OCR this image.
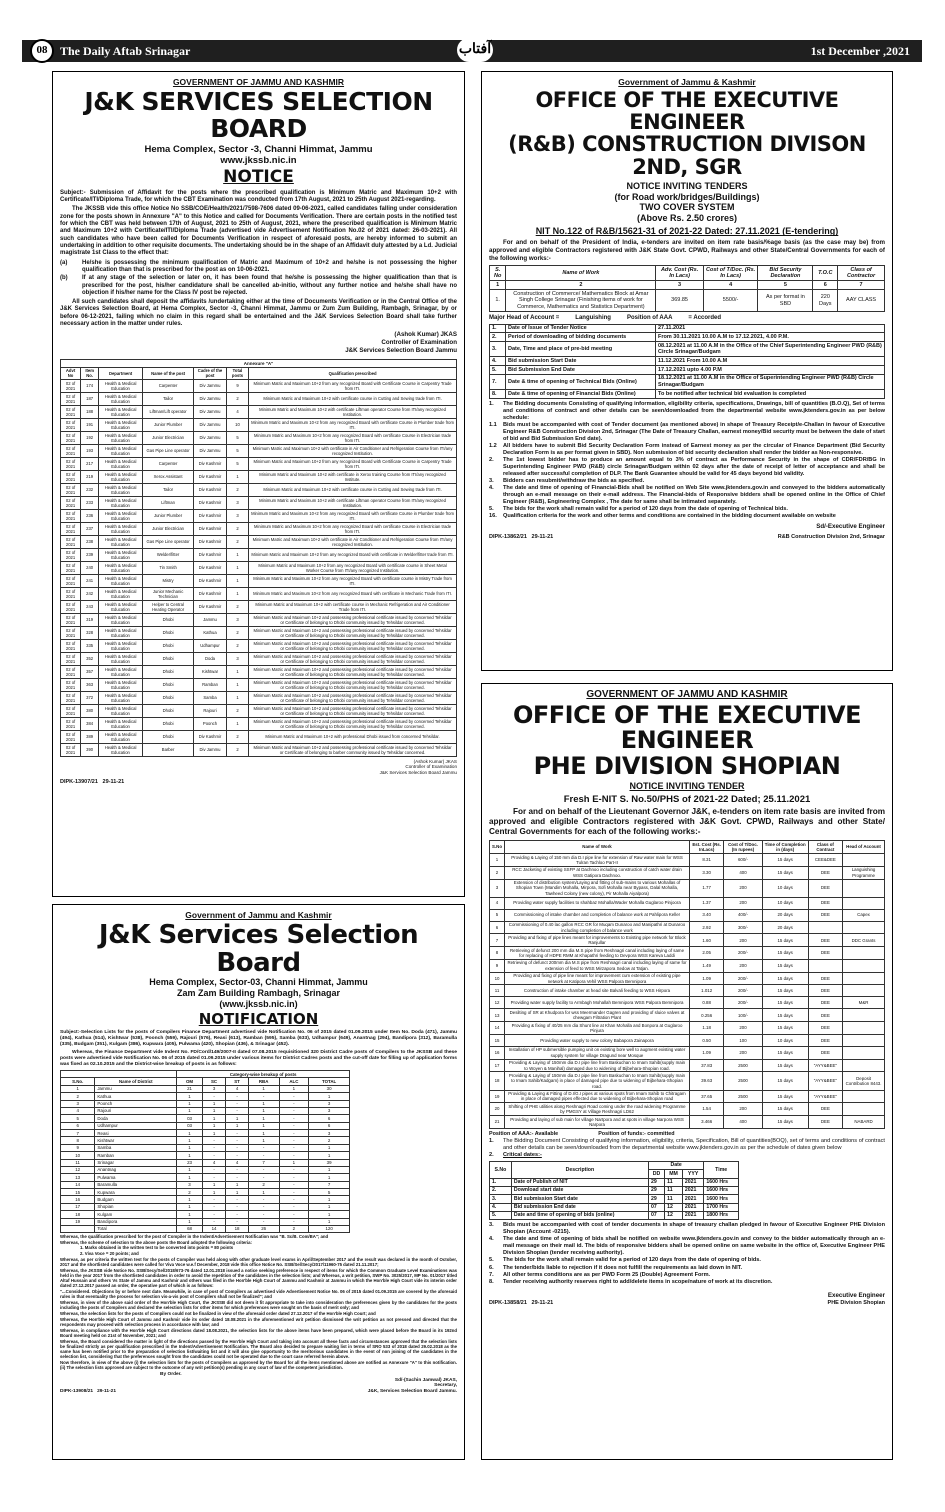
08	The Daily Aftab Srinagar	آفتاب	1st December ,2021
GOVERNMENT OF JAMMU AND KASHMIR
J&K SERVICES SELECTION BOARD
Hema Complex, Sector -3, Channi Himmat, Jammu
www.jkssb.nic.in
NOTICE

Subject:- Submission of Affidavit for the posts where the prescribed qualification is Minimum Matric and Maximum 10+2 with Certificate/ITI/Diploma Trade, for which the CBT Examination was conducted from 17th August, 2021 to 25th August 2021-regarding.

The JKSSB vide this office Notice No SSB/COE/Health/2021/7598-7606 dated 09-06-2021, called candidates falling under consideration zone for the posts shown in Annexure "A" to this Notice and called for Documents Verification. There are certain posts in the notified test for which the CBT was held between 17th of August, 2021 to 25th of August, 2021, where the prescribed qualification is Minimum Matric and Maximum 10+2 with Certificate/ITI/Diploma Trade (advertised vide Advertisement Notification No.02 of 2021 dated: 26-03-2021). All such candidates who have been called for Documents Verification in respect of aforesaid posts, are hereby informed to submit an undertaking in addition to other requisite documents. The undertaking should be in the shape of an Affidavit duly attested by a Ld. Judicial magistrate 1st Class to the effect that:

(a)	He/she is possessing the minimum qualification of Matric and Maximum of 10+2 and he/she is not possessing the higher qualification than that is prescribed for the post as on 10-06-2021.

(b)	If at any stage of the selection or later on, it has been found that he/she is possessing the higher qualification than that is prescribed for the post, his/her candidature shall be cancelled ab-initio, without any further notice and he/she shall have no objection if his/her name for the Class IV post be rejected.

All such candidates shall deposit the affidavits /undertaking either at the time of Documents Verification or in the Central Office of the J&K Services Selection Board, at Hema Complex, Sector -3, Channi Himmat, Jammu or Zum Zum Building, Rambagh, Srinagar, by or before 06-12-2021, failing which no claim in this regard shall be entertained and the J&K Services Selection Board shall take further necessary action in the matter under rules.

(Ashok Kumar) JKAS
Controller of Examination
J&K Services Selection Board Jammu
Annexure "A"						
Advt No	Item No.	Department	Name of the post	Cadre of the post	Total posts	Qualification prescribed
02 of 2021	174	Health & Medical Education	Carpenter	Div Jammu	9	Minimum Matric and Maximum 10+2 from any recognized Board with Certificate Course in Carpentry Trade from ITI.
02 of 2021	187	Health & Medical Education	Tailor	Div Jammu	2	Minimum Matric and Maximum 10+2 with certificate course in Cutting and Sewing trade from ITI.
02 of 2021	188	Health & Medical Education	Liftman/Lift operator	Div Jammu	4	Minimum Matric and Maximum 10+2 with certificate Liftman operator Course from ITI/any recognized Institution.
02 of 2021	191	Health & Medical Education	Junior Plumber	Div Jammu	10	Minimum Matric and Maximum 10+2 from any recognized Board with certificate Course in Plumber trade from ITI.
02 of 2021	192	Health & Medical Education	Junior Electrician	Div Jammu	5	Minimum Matric and Maximum 10+2 from any recognized Board with certificate Course in Electrician trade from ITI.
02 of 2021	193	Health & Medical Education	Gas Pipe Line operator	Div Jammu	5	Minimum Matric and Maximum 10+2 with certificate in Air Conditioner and Refrigeration Course from ITI/any recognized Institution.
02 of 2021	217	Health & Medical Education	Carpenter	Div Kashmir	5	Minimum Matric and Maximum 10+2 from any recognized Board with Certificate Course in Carpentry Trade from ITI.
02 of 2021	219	Health & Medical Education	Xerox Assistant	Div Kashmir	1	Minimum Matric and Maximum 10+2 with certificate in Xerox training Course from ITI/any recognized Institute.
02 of 2021	232	Health & Medical Education	Tailor	Div Kashmir	2	Minimum Matric and Maximum 10+2 with certificate course in Cutting and Sewing trade from ITI.
02 of 2021	233	Health & Medical Education	Liftman	Div Kashmir	3	Minimum Matric and Maximum 10+2 with certificate Liftman operator Course from ITI/any recognized Institution.
02 of 2021	236	Health & Medical Education	Junior Plumber	Div Kashmir	3	Minimum Matric and Maximum 10+2 from any recognized Board with certificate Course in Plumber trade from ITI.
02 of 2021	237	Health & Medical Education	Junior Electrician	Div Kashmir	2	Minimum Matric and Maximum 10+2 from any recognized Board with certificate Course in Electrician trade from ITI.
02 of 2021	238	Health & Medical Education	Gas Pipe Line operator	Div Kashmir	2	Minimum Matric and Maximum 10+2 with certificate in Air Conditioner and Refrigeration Course from ITI/any recognized Institution.
02 of 2021	239	Health & Medical Education	Welder/fitter	Div Kashmir	1	Minimum Matric and Maximum 10+2 from any recognized Board with certificate in Welder/fitter trade from ITI.
02 of 2021	240	Health & Medical Education	Tin Smith	Div Kashmir	1	Minimum Matric and Maximum 10+2 from any recognized Board with certificate course in Sheet Metal Worker Course from ITI/any recognized Institution.
02 of 2021	241	Health & Medical Education	Mistry	Div Kashmir	1	Minimum Matric and Maximum 10+2 from any recognized Board with certificate course in Mistry Trade from ITI.
02 of 2021	242	Health & Medical Education	Junior Mechanic Technician	Div Kashmir	1	Minimum Matric and Maximum 10+2 from any recognized Board with certificate in Mechanic Trade from ITI.
02 of 2021	243	Health & Medical Education	Helper to Central Heating Operator	Div Kashmir	2	Minimum Matric and Maximum 10+2 with certificate course in Mechanic Refrigeration and Air Conditioner Trade from ITI.
02 of 2021	319	Health & Medical Education	Dhobi	Jammu	3	Minimum Matric and Maximum 10+2 and possessing professional certificate issued by concerned Tehsildar or Certificate of belonging to Dhobi community issued by Tehsildar concerned.
02 of 2021	328	Health & Medical Education	Dhobi	Kathua	2	Minimum Matric and Maximum 10+2 and possessing professional certificate issued by concerned Tehsildar or Certificate of belonging to Dhobi community issued by Tehsildar concerned.
02 of 2021	335	Health & Medical Education	Dhobi	Udhampur	2	Minimum Matric and Maximum 10+2 and possessing professional certificate issued by concerned Tehsildar or Certificate of belonging to Dhobi community issued by Tehsildar concerned.
02 of 2021	352	Health & Medical Education	Dhobi	Doda	3	Minimum Matric and Maximum 10+2 and possessing professional certificate issued by concerned Tehsildar or Certificate of belonging to Dhobi community issued by Tehsildar concerned.
02 of 2021	357	Health & Medical Education	Dhobi	Kishtwar	1	Minimum Matric and Maximum 10+2 and possessing professional certificate issued by concerned Tehsildar or Certificate of belonging to Dhobi community issued by Tehsildar concerned.
02 of 2021	363	Health & Medical Education	Dhobi	Ramban	1	Minimum Matric and Maximum 10+2 and possessing professional certificate issued by concerned Tehsildar or Certificate of belonging to Dhobi community issued by Tehsildar concerned.
02 of 2021	372	Health & Medical Education	Dhobi	Samba	1	Minimum Matric and Maximum 10+2 and possessing professional certificate issued by concerned Tehsildar or Certificate of belonging to Dhobi community issued by Tehsildar concerned.
02 of 2021	380	Health & Medical Education	Dhobi	Rajouri	2	Minimum Matric and Maximum 10+2 and possessing professional certificate issued by concerned Tehsildar or Certificate of belonging to Dhobi community issued by Tehsildar concerned.
02 of 2021	384	Health & Medical Education	Dhobi	Poonch	1	Minimum Matric and Maximum 10+2 and possessing professional certificate issued by concerned Tehsildar or Certificate of belonging to Dhobi community issued by Tehsildar concerned.
02 of 2021	389	Health & Medical Education	Dhobi	Div Kashmir	2	Minimum Matric and Maximum 10+2 with professional Dhobi issued from concerned Tehsildar.
02 of 2021	390	Health & Medical Education	Barber	Div Jammu	2	Minimum Matric and Maximum 10+2 and possessing professional certificate issued by concerned Tehsildar or Certificate of belonging to barber community issued by Tehsildar concerned.
(Ashok Kumar) JKAS
Controller of Examination
J&K Services Selection Board Jammu
DIPK-13907/21 29-11-21
Government of Jammu & Kashmir
OFFICE OF THE EXECUTIVE ENGINEER
(R&B) CONSTRUCTION DIVISON 2ND, SGR
NOTICE INVITING TENDERS
(for Road work/bridges/Buildings)
TWO COVER SYSTEM
(Above Rs. 2.50 crores)
NIT No.122 of R&B/15621-31 of 2021-22 Dated: 27.11.2021 (E-tendering)

For and on behalf of the President of India, e-tenders are invited on item rate basis/%age basis (as the case may be) from approved and eligible Contractors registered with J&K State Govt. CPWD, Railways and other State/Central Governments for each of the following works:-

S. No	Name of Work	Adv. Cost (Rs. In Lacs)	Cost of T/Doc. (Rs. In Lacs)	Bid Security Declaration	T.O.C	Class of Contractor
1	2	3	4	5	6	7
1.	Construction of Commerce/ Mathematics Block at Amar Singh College Srinagar (Finishing items of work for Commerce, Mathematics and Statistics Department)	369.85	5500/-	As per format in SBD	220 Days	AAY CLASS
Major Head of Account =	Languishing	Position of AAA	= Accorded
1.	Date of Issue of Tender Notice	27.11.2021
2.	Period of downloading of bidding documents	From 30.11.2021 10.00 A.M to 17.12.2021, 4.00 P.M.
3.	Date, Time and place of pre-bid meeting	08.12.2021 at 11.00 A.M in the Office of the Chief Superintending Engineer PWD (R&B) Circle Srinagar/Budgam
4.	Bid submission Start Date	11.12.2021 From 10.00 A.M
5.	Bid Submission End Date	17.12.2021 upto 4.00 P.M
7.	Date & time of opening of Technical Bids (Online)	18.12.2021 at 11.00 A.M in the Office of Superintending Engineer PWD (R&B) Circle Srinagar/Budgam
8.	Date & time of opening of Financial Bids (Online)	To be notified after technical bid evaluation is completed
1.	The Bidding documents Consisting of qualifying information, eligibility criteria, specifications, Drawings, bill of quantities (B.O.Q), Set of terms and conditions of contract and other details can be seen/downloaded from the departmental website www.jktenders.gov.in as per below schedule:
1.1	Bids must be accompanied with cost of Tender document (as mentioned above) in shape of Treasury Receipt/e-Challan in favour of Executive Engineer R&B Construction Division 2nd, Srinagar (The Date of Treasury Challan, earnest money/Bid security must be between the date of start of bid and Bid Submission End date).
1.2	All bidders have to submit Bid Security Declaration Form instead of Earnest money as per the circular of Finance Department (Bid Security Declaration Form is as per format given in SBD). Non submission of bid security declaration shall render the bidder as Non-responsive.
2.	The 1st lowest bidder has to produce an amount equal to 3% of contract as Performance Security in the shape of CDR/FDR/BG in Superintending Engineer PWD (R&B) circle Srinagar/Budgam within 02 days after the date of receipt of letter of acceptance and shall be released after successful completion of DLP. The Bank Guarantee should be valid for 45 days beyond bid validity.
3.	Bidders can resubmit/withdraw the bids as specified.
4.	The date and time of opening of Financial-Bids shall be notified on Web Site www.jktenders.gov.in and conveyed to the bidders automatically through an e-mail message on their e-mail address. The Financial-bids of Responsive bidders shall be opened online in the Office of Chief Engineer (R&B), Engineering Complex , The date for same shall be intimated separately.
5.	The bids for the work shall remain valid for a period of 120 days from the date of opening of Technical bids.
16.	Qualification criteria for the work and other terms and conditions are contained in the bidding document available on website
Sd/-Executive Engineer
DIPK-13862/21 29-11-21	R&B Construction Division 2nd, Srinagar
Government of Jammu and Kashmir
J&K Services Selection Board
Hema Complex, Sector-03, Channi Himmat, Jammu
Zam Zam Building Rambagh, Srinagar
(www.jkssb.nic.in)
NOTIFICATION

Subject:-Selection Lists for the posts of Compilers Finance Department advertised vide Notification No. 06 of 2015 dated 01.09.2015 under Item No. Doda (471), Jammu (494), Kathua (514), Kishtwar (538), Poonch (559), Rajouri (576), Reasi (613), Ramban (595), Samba (633), Udhampur (649), Anantnag (294), Bandipora (312), Baramulla (335), Budgam (351), Kulgam (386), Kupwara (405), Pulwama (420), Shopian (436), & Srinagar (452).

Whereas, the Finance Department vide Indent No. FD/Cord/149/2007-II dated 07.08.2015 requisitioned 320 District Cadre posts of Compilers to the JKSSB and these posts were advertised vide Notification No. 06 of 2015 dated 01.09.2015 under various items for District Cadres posts and the cut-off date for filling up of application forms was fixed as 02.10.2015 and the District-wise breakup of posts is as follows:

		Category-wise breakup of posts					
S.No.	Name of District	OM	SC	ST	RBA	ALC	TOTAL
1	Jammu	21	3	4	1	1	30
2	Kathua	1	-	-	-	-	1
3	Poonch	1	1	-	1	-	3
4	Rajouri	1	1	-	1	-	3
5	Doda	03	1	1	1	-	6
6	Udhampur	03	1	1	1	-	6
7	Reasi	1	1	-	1	-	3
8	Kishtwar	1	-	-	1	-	2
9	Samba	1	-	-	-	-	1
10	Ramban	1	-	-	-	-	1
11	Srinagar	23	4	4	7	1	39
12	Anantnag	1	-	-	-	-	1
13	Pulwama	1	-	-	-	-	1
14	Baramulla	3	1	1	2	-	7
15	Kupwara	2	1	1	1	-	5
16	Budgam	1	-	-	-	-	1
17	Shopian	1	-	-	-	-	1
18	Kulgam	1	-	-	-	-	1
19	Bandipora	1	-	-	-	-	1
	Total	68	14	18	26	2	120

Whereas, the qualification prescribed for the post of Compiler in the Indent/Advertisement Notification was "B. Sc/B. Com/BA"; and

Whereas, the scheme of selection to the above posts the Board adopted the following criteria:

1. Marks obtained in the written test to be converted into points = 80 points

2. Viva Voce = 20 points; and

Whereas, as per criteria the written test for the posts of Compiler was held along with other graduate level exams in April/September 2017 and the result was declared in the month of October, 2017 and the shortlisted candidates were called for Viva Voce w.e.f December, 2018 vide this office Notice No. SSB/Sel/Secy/2017/11960-75 dated 21.11.2017;

Whereas, the JKSSB vide Notice No. SSB/Secy/Sel/2018/673-76 dated 12.01.2018 issued a notice seeking preference in respect of items for which the Common Graduate Level Examinations was held in the year 2017 from the shortlisted candidates in order to avoid the repetition of the candidates in the selection lists; and Whereas, a writ petition, SWP No. 3025/2017, MP No. 01/2017 titled Altaf Hussain and others Vs State of Jammu and Kashmir and others was filed in the Hon'ble High Court of Jammu and Kashmir at Jammu in which the Hon'ble High Court vide its interim order dated 27.12.2017 passed an order, the operative part of which is as follows:

"...Considered. Objections by or before next date. Meanwhile, in case of post of Compilers as advertised vide Advertisement Notice No. 06 of 2015 dated 01.09.2015 are covered by the aforesaid rules in that eventuality the process for selection vis-a-vis post of Compilers shall not be finalized"; and

Whereas, in view of the above said order of the Hon'ble High Court, the JKSSB did not deem it fit appropriate to take into consideration the preferences given by the candidates for the posts including the posts of Compilers and declared the selection lists for other items for which preferences were sought on the basis of merit only; and

Whereas, the selection lists for the posts of Compilers could not be finalized in view of the aforesaid order dated 27.12.2017 of the Hon'ble High Court; and

Whereas, the Hon'ble High Court of Jammu and Kashmir vide its order dated 18.08.2021 in the aforementioned writ petition dismissed the writ petition as not pressed and directed that the respondents may proceed with selection process in accordance with law; and

Whereas, in compliance with the Hon'ble High Court directions dated 18.08.2021, the selection lists for the above items have been prepared, which were placed before the Board in its 192nd Board meeting held on 21st of November, 2021; and

Whereas, the Board considered the matter in light of the directions passed by the Hon'ble High Court and taking into account all these facts and circumstances approved that the selection lists be finalized strictly as per qualification prescribed in the Indent/Advertisement Notification. The Board also decided to prepare waiting list in terms of SRO 533 of 2018 dated 29.02.2018 as the same has been notified prior to the preparation of selection list/waiting list and it will also give opportunity to the meritorious candidates in the event of non joining of the candidates in the selection list, considering that the preferences sought from the candidates could not be operated due to the court case referred herein above.

Now therefore, in view of the above (i) the selection lists for the posts of Compilers as approved by the Board for all the items mentioned above are notified as Annexure "A" to this notification. (ii) The selection lists approved are subject to the outcome of any writ petition(s) pending in any court of law of the competent jurisdiction.

By Order.
Sd/-(Sachin Jamwal) JKAS,
Secretary,
DIPK-13908/21 29-11-21	J&K, Services Selection Board Jammu.
GOVERNMENT OF JAMMU AND KASHMIR
OFFICE OF THE EXECUTIVE ENGINEER
PHE DIVISION SHOPIAN
NOTICE INVITING TENDER
Fresh E-NIT S. No.50/PHS of 2021-22 Dated; 25.11.2021

For and on behalf of the Lieutenant Governor J&K, e-tenders on item rate basis are invited from approved and eligible Contractors registered with J&K Govt. CPWD, Railways and other State/ Central Governments for each of the following works:-

S.No	Name of Work	Est. Cost (Rs. InLacs)	Cost of T/Doc. (In rupees)	Time of Completion in (days)	Class of Contract	Head of Account
1	Providing & Laying of 150 mm dia D.I pipe line for extension of Raw water main for WSS Tulran Tachloo Part-II	8.31	600/-	15 days	CEE&DEE	
2	RCC Jacketing of existing SSFP at Dachnoo including construction of catch water drain WSS Gatipora Dachnoo.	3.30	400	15 days	DEE	Languishing Programme
3	Extension of distribution system/Laying and fitting of sub-mains to various Mohallas of Shopian Town (Mandim Mohalla, Mirpora, Sofi Mohalla near Bypass, Dalal Mohalla, Tawheed Colony (new colony), Pir Mohalla Aiyalpora)	1.77	200	10 days	DEE	
4	Providing water supply facilities to shahbaz Mohalla/Wader Mohalla Guglaroo Pinjoora	1.37	200	10 days	DEE	
5	Commissioning of intake chamber and completion of balance work at Pahlipora Keller	3.40	400/-	20 days	DEE	Capex
6	Commissioning of 0.40 lac gallon RCC GR for Muqam Dunaroo and Manipathri at Dunaroo including completion of balance work	2.92	300/-	20 days		
7	Providing and fixing of pipe lines meant for improvements to Existing pipe network for Block Ranjullar	1.60	200	15 days	DEE	DDC Grants
8	Retrieving of defunct 200 mm dia M.S pipe from Reshnagri canal including laying of same for replacing of HDPE RMM at Khapathri feeding to Devpora WSS Kareva Laddi	2.05	200/-	15 days	DEE	
9	Retrieving of defunct 200mm dia M.S pipe from Reshnagri canal including laying of same for extension of feed to WSS Mirzapora Sedow at Tatjan.	1.49	200	15 days		
10	Providing and fixing of pipe line meant for improvement cum extension of existing pipe network at Katipora Vehil WSS Palpora Bemnipora	1.09	200/-	15 days	DEE	
11	Construction of intake chamber at head site Balvali feeding to WSS Hirpora	1.012	200/-	15 days	DEE	
12	Providing water supply facility to Armbagh Mohallah Bemnipora WSS Palpora Bemnipora	0.88	200/-	15 days	DEE	M&R
13	Desilting of SR at Khudpora for wss Meermander Gagren and providing of sluice valves at chewgam Filtration Plant	0.256	100/-	15 days	DEE	
14	Providing & fixing of 40/25 mm dia Shunt line at Khan Mohalla and Bonpora at Guglaroo Pinjura	1.18	200	15 days	DEE	
15	Providing water supply to new colony Babapora Zainapora	0.50	100	10 days	DEE	
16	Installation of HP submersible pumping unit on existing bore well to augment existing water supply system for village Dragund near Mosque	1.09	200	15 days	DEE	
17	Providing & Laying of 150mm dia D.I pipe line from Baskuchan to Imam Sahib(supply main to Woyen & Manihal) damaged due to widening of Bijbehara-Shopian road.	37.83	2500	15 days	"AYY&BEE"	
18	Providing & Laying of 150mm dia D.I pipe line from Baskuchan to Imam Sahib(supply main to Imam Sahib/Kadgam) in place of damaged pipe due to widening of Bijbehara-Shopian road.	39.63	2500	15 days	"AYY&BEE"	Deposit Contribution 8443.
19	Providing & Laying & Fitting of D.I/G.I pipes at various spots from Imam Sahib to Chitragam in place of damaged pipes effected due to widening of Bijbehara-Shopian road	37.65	2500	15 days	"AYY&BEE"	
20	Shifting of PHE utilities along Reshnagri Road coming under the road widening Programme by PMGSY at Village Reshnagri LD62	1.54	200	15 days	DEE	
21	Providing and laying of sub main for village Nartpora and at spots in village Narpora WSS Narpora	3.466	400	15 days	DEE	NABARD
Position of AAA:- Available	Position of funds:- committed
1.	The Bidding Document Consisting of qualifying information, eligibility, criteria, Specification, Bill of quantities(BOQ), set of terms and conditions of contract and other details can be seen/downloaded from the departmental website www.jktenders.gov.in as per the schedule of dates given below
2.	Critical dates:-
S.No	Description	Date			Time
		DD	MM	YYY	
1.	Date of Publish of NIT	29	11	2021	1600 Hrs
2.	Download start date	29	11	2021	1600 Hrs
3.	Bid submission Start date	29	11	2021	1600 Hrs
4.	Bid submission End date	07	12	2021	1700 Hrs
5.	Date and time of opening of bids (online)	07	12	2021	1800 Hrs
3.	Bids must be accompanied with cost of tender documents in shape of treasury challan pledged in favour of Executive Engineer PHE Division Shopian (Account -0215).
4.	The date and time of opening of bids shall be notified on website www.jktenders.gov.in and convey to the bidder automatically through an e-mail message on their mail id. The bids of responsive bidders shall be opened online on same website in the office of, Executive Engineer PHE Division Shopian (tender receiving authority).
5.	The bids for the work shall remain valid for a period of 120 days from the date of opening of bids.
6.	The tender/bids liable to rejection if it does not fulfill the requirements as laid down in NIT.
7.	All other terms conditions are as per PWD Form 25 (Double) Agreement Form.
8.	Tender receiving authority reserves right to add/delete items in scope/nature of work at its discretion.
Executive Engineer
DIPK-13858/21 29-11-21	PHE Division Shopian
